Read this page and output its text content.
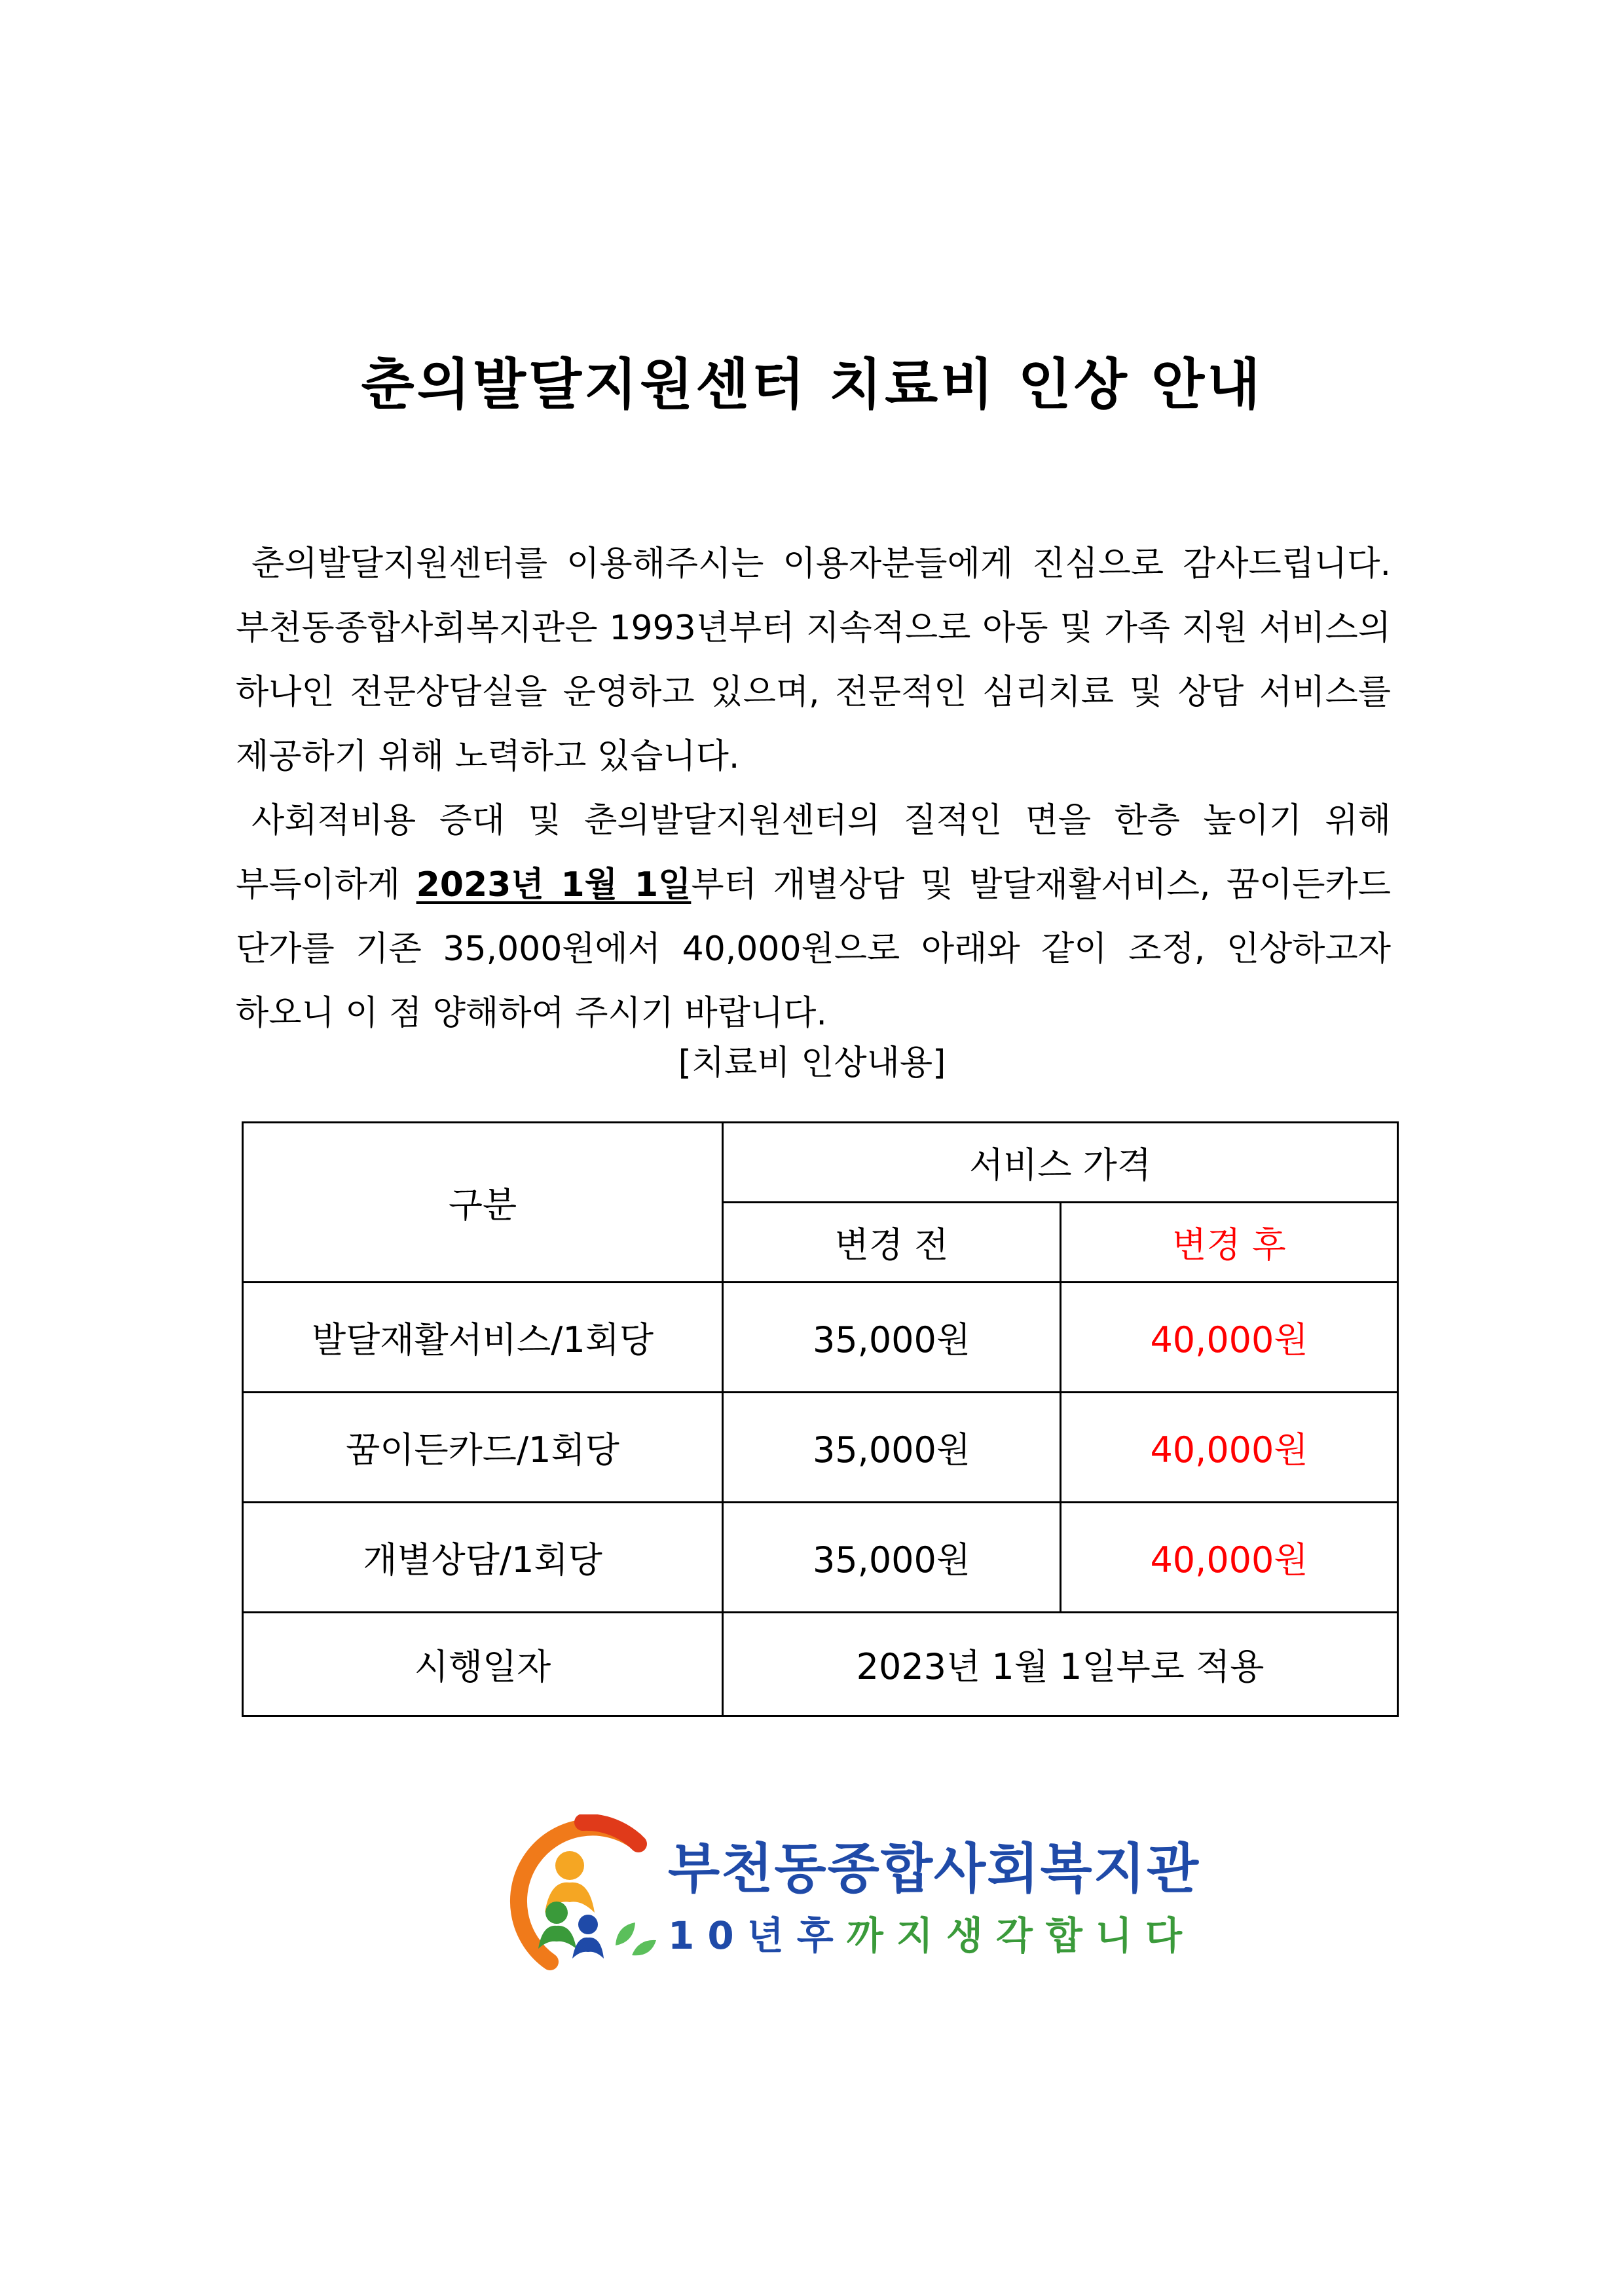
춘의발달지원센터 치료비 인상 안내

춘의발달지원센터를 이용해주시는 이용자분들에게 진심으로 감사드립니다. 부천동종합사회복지관은 1993년부터 지속적으로 아동 및 가족 지원 서비스의 하나인 전문상담실을 운영하고 있으며, 전문적인 심리치료 및 상담 서비스를 제공하기 위해 노력하고 있습니다.

사회적비용 증대 및 춘의발달지원센터의 질적인 면을 한층 높이기 위해 부득이하게 2023년 1월 1일부터 개별상담 및 발달재활서비스, 꿈이든카드 단가를 기존 35,000원에서 40,000원으로 아래와 같이 조정, 인상하고자 하오니 이 점 양해하여 주시기 바랍니다.

[치료비 인상내용]
구분	서비스 가격	
	변경 전	변경 후
발달재활서비스/1회당	35,000원	40,000원
꿈이든카드/1회당	35,000원	40,000원
개별상담/1회당	35,000원	40,000원
시행일자	2023년 1월 1일부로 적용	
부천동종합사회복지관
10년후까지생각합니다
